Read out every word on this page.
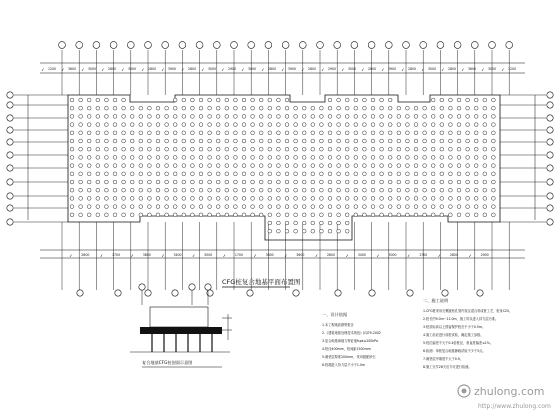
1200	3600	3000	2800	3000	2800	3900	2800	3000	2900	3000	2800	3900	2800	2900	3000	2800	3900	2800	3000	2800	3600	3000	1200
2600	1700	3800	3400	3000	1700	3800	3600	2800	3400	3000	1700	2800	2900
CFG桩复合地基平面布置图
复合地基CFG桩剖面示意图
一、设计依据
1.本工程地质勘察报告
2.《建筑地基处理技术规范》JGJ79-2002
3.复合地基承载力特征值fspk≥200kPa
4.桩径400mm，桩间距1500mm
5.褥垫层厚度200mm，采用级配砂石
6.桩端进入持力层不小于1.0m
二、施工说明
1.CFG桩采用长螺旋钻孔管内泵压混合料成桩工艺，桩身C20。
2.桩长约9.0m~11.0m，施工时以进入持力层为准。
3.桩顶标高以上预留保护桩长不小于0.5m。
4.施工前应进行成桩试验，确定施工参数。
5.桩位偏差不大于0.4倍桩径，垂直度偏差≤1%。
6.检测：单桩复合地基静载试验不少于3点。
7.褥垫层夯填度不大于0.9。
8.施工完毕28天后方可进行检测。
zhulong.com
http://www.zhulong.com
